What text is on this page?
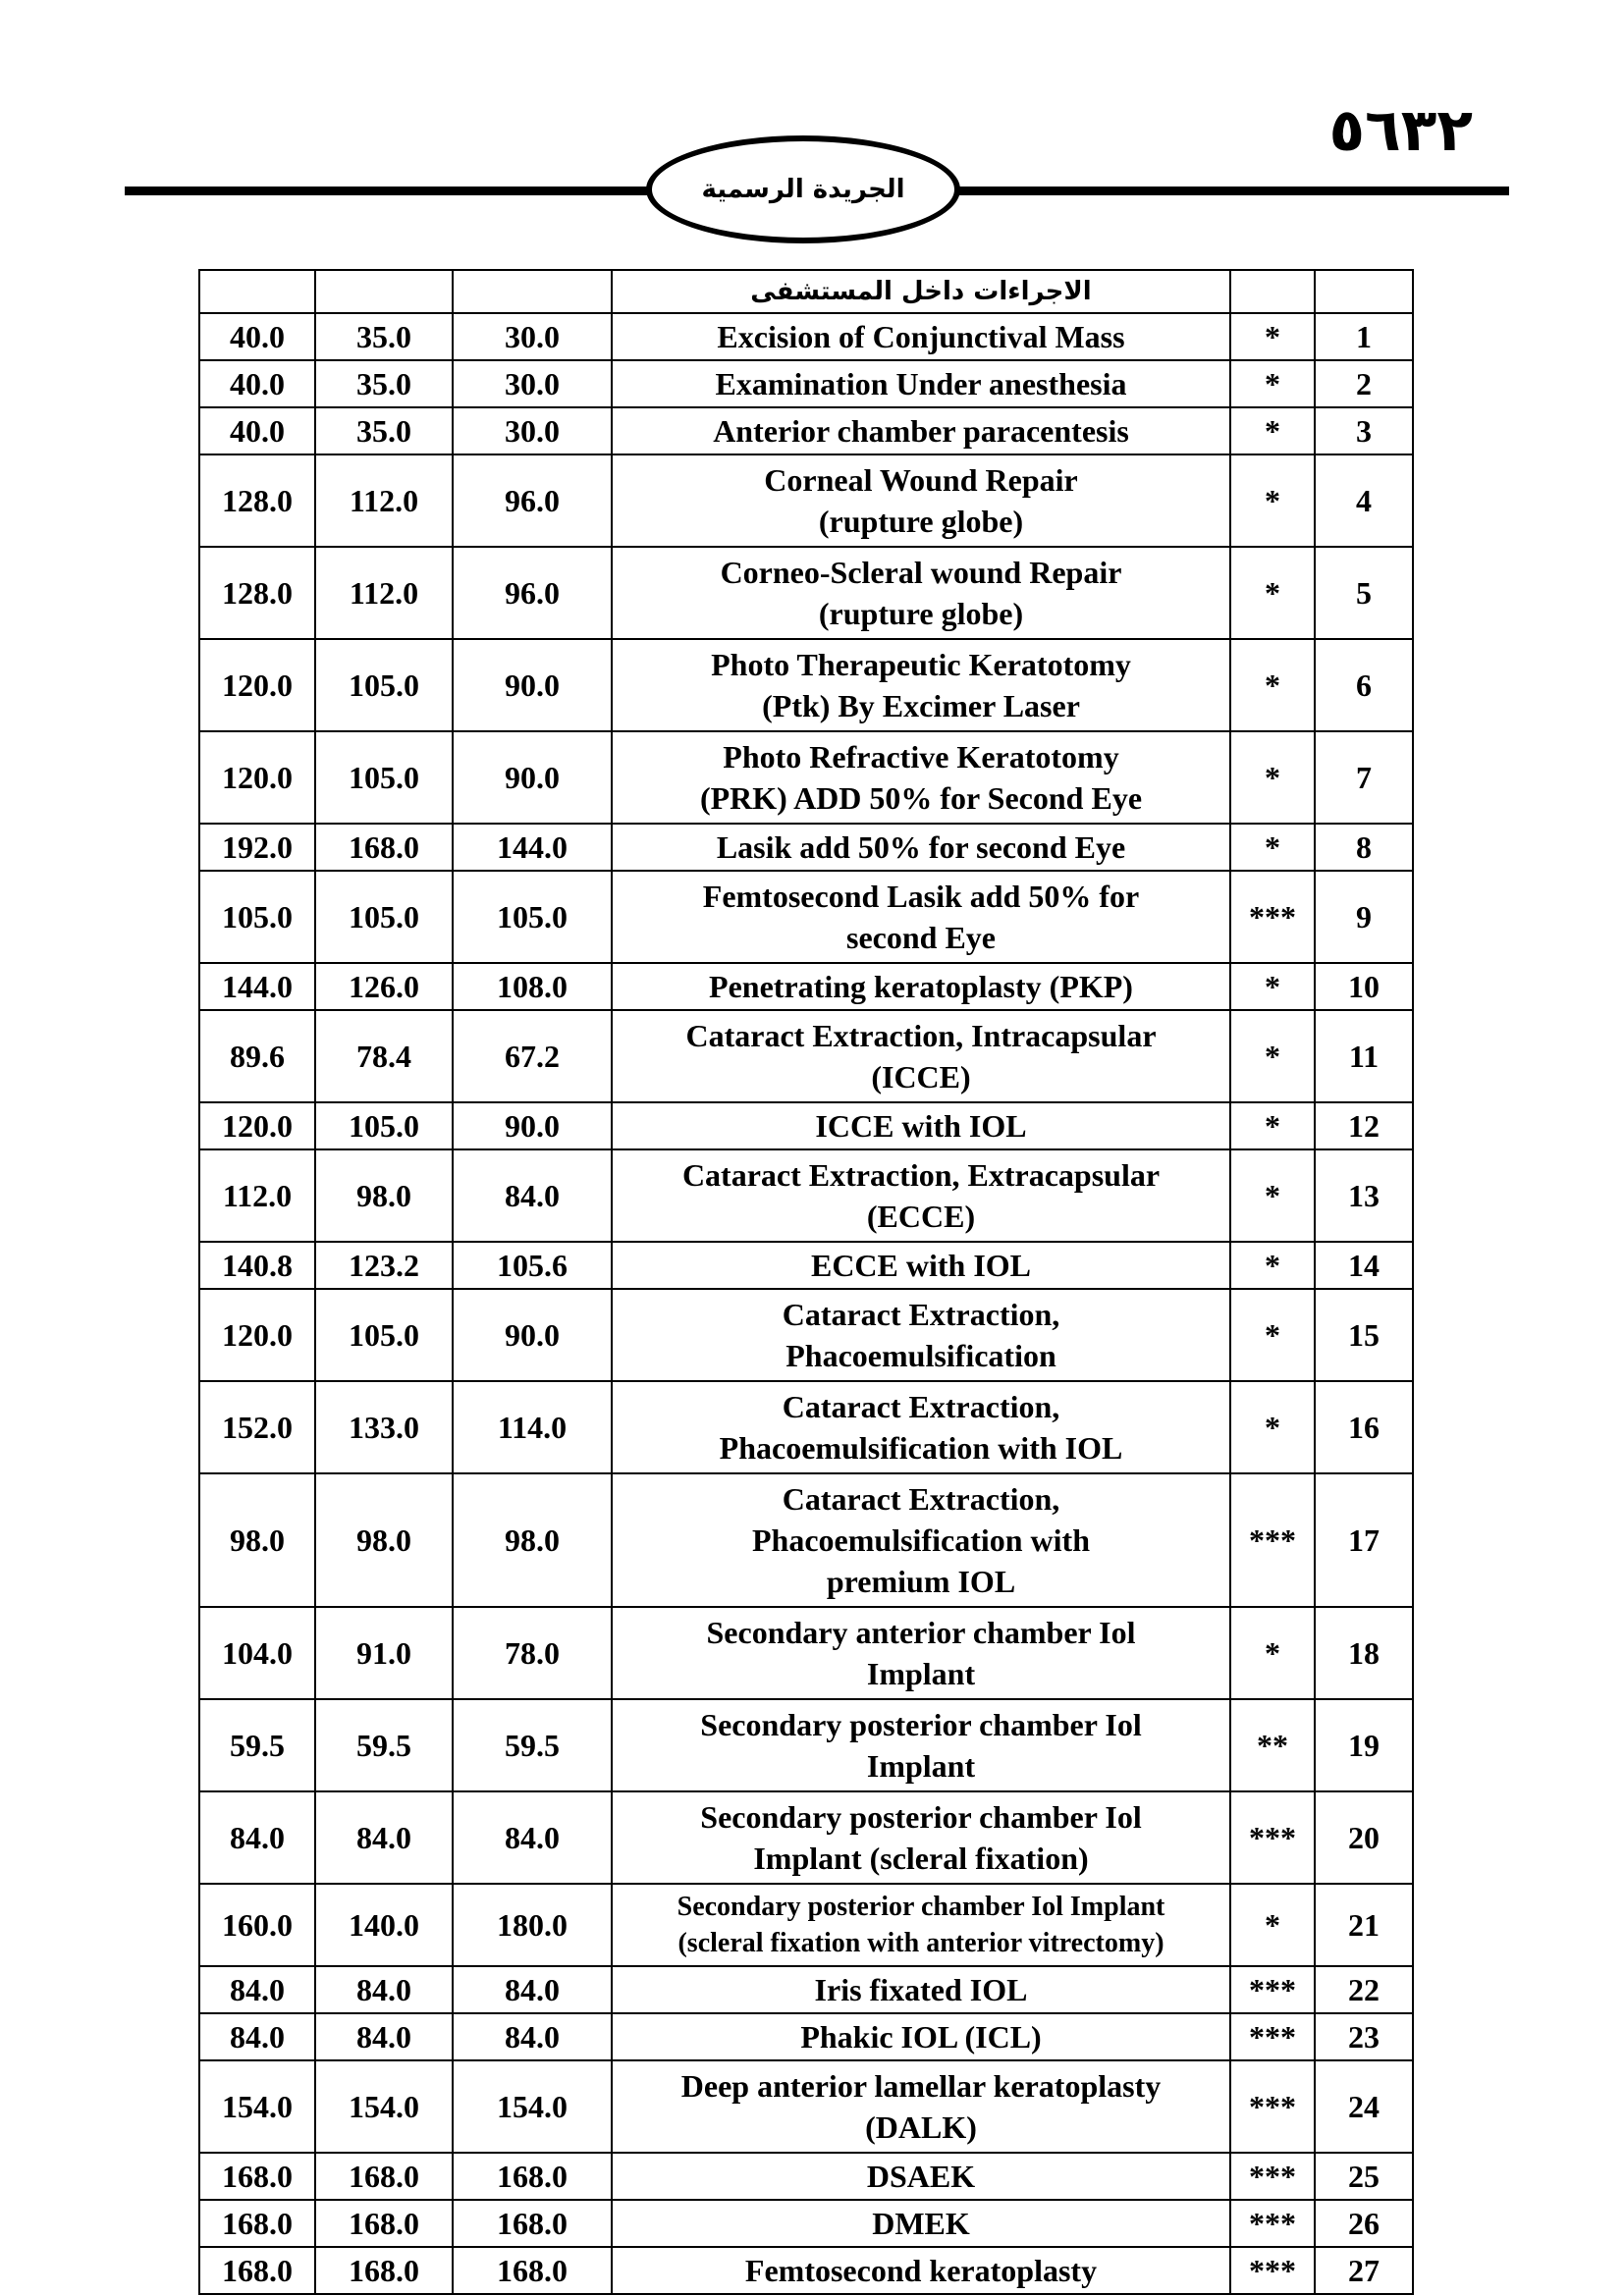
٥٦٣٢
الجريدة الرسمية
			الاجراءات داخل المستشفى		
40.0	35.0	30.0	Excision of Conjunctival Mass	*	1
40.0	35.0	30.0	Examination Under anesthesia	*	2
40.0	35.0	30.0	Anterior chamber paracentesis	*	3
128.0	112.0	96.0	Corneal Wound Repair
(rupture globe)	*	4
128.0	112.0	96.0	Corneo-Scleral wound Repair
(rupture globe)	*	5
120.0	105.0	90.0	Photo Therapeutic Keratotomy
(Ptk) By Excimer Laser	*	6
120.0	105.0	90.0	Photo Refractive Keratotomy
(PRK) ADD 50% for Second Eye	*	7
192.0	168.0	144.0	Lasik add 50% for second Eye	*	8
105.0	105.0	105.0	Femtosecond Lasik add 50% for
second Eye	***	9
144.0	126.0	108.0	Penetrating keratoplasty (PKP)	*	10
89.6	78.4	67.2	Cataract Extraction, Intracapsular
(ICCE)	*	11
120.0	105.0	90.0	ICCE with IOL	*	12
112.0	98.0	84.0	Cataract Extraction, Extracapsular
(ECCE)	*	13
140.8	123.2	105.6	ECCE with IOL	*	14
120.0	105.0	90.0	Cataract Extraction,
Phacoemulsification	*	15
152.0	133.0	114.0	Cataract Extraction,
Phacoemulsification with IOL	*	16
98.0	98.0	98.0	Cataract Extraction,
Phacoemulsification with
premium IOL	***	17
104.0	91.0	78.0	Secondary anterior chamber Iol
Implant	*	18
59.5	59.5	59.5	Secondary posterior chamber Iol
Implant	**	19
84.0	84.0	84.0	Secondary posterior chamber Iol
Implant (scleral fixation)	***	20
160.0	140.0	180.0	Secondary posterior chamber Iol Implant
(scleral fixation with anterior vitrectomy)	*	21
84.0	84.0	84.0	Iris fixated IOL	***	22
84.0	84.0	84.0	Phakic IOL (ICL)	***	23
154.0	154.0	154.0	Deep anterior lamellar keratoplasty
(DALK)	***	24
168.0	168.0	168.0	DSAEK	***	25
168.0	168.0	168.0	DMEK	***	26
168.0	168.0	168.0	Femtosecond keratoplasty	***	27
